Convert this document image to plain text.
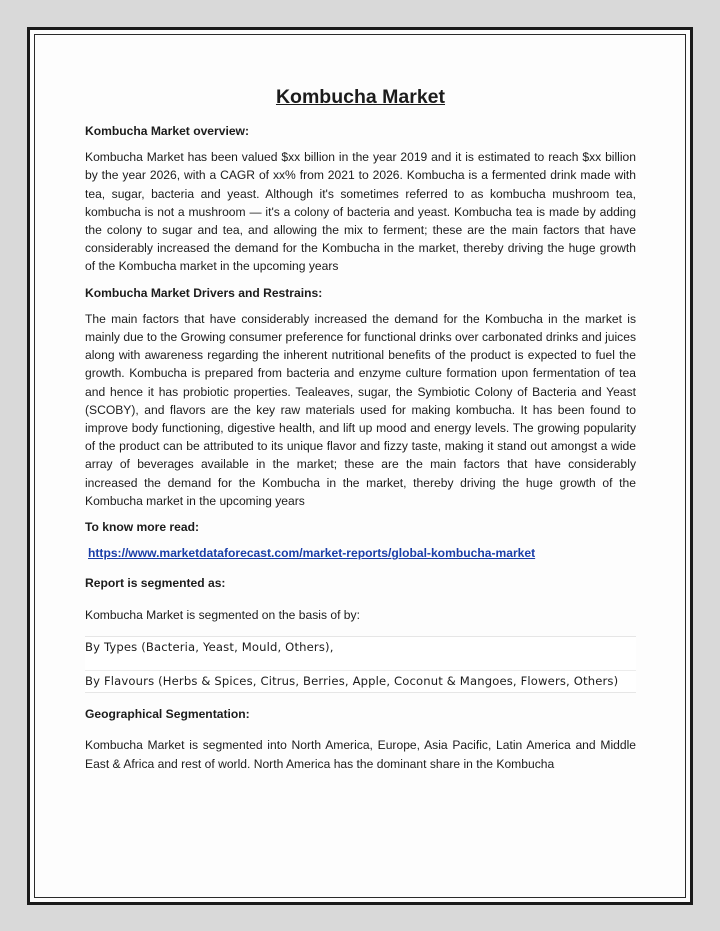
Kombucha Market
Kombucha Market overview:
Kombucha Market has been valued $xx billion in the year 2019 and it is estimated to reach $xx billion by the year 2026, with a CAGR of xx% from 2021 to 2026. Kombucha is a fermented drink made with tea, sugar, bacteria and yeast. Although it's sometimes referred to as kombucha mushroom tea, kombucha is not a mushroom — it's a colony of bacteria and yeast. Kombucha tea is made by adding the colony to sugar and tea, and allowing the mix to ferment; these are the main factors that have considerably increased the demand for the Kombucha in the market, thereby driving the huge growth of the Kombucha market in the upcoming years
Kombucha Market Drivers and Restrains:
The main factors that have considerably increased the demand for the Kombucha in the market is mainly due to the Growing consumer preference for functional drinks over carbonated drinks and juices along with awareness regarding the inherent nutritional benefits of the product is expected to fuel the growth. Kombucha is prepared from bacteria and enzyme culture formation upon fermentation of tea and hence it has probiotic properties. Tealeaves, sugar, the Symbiotic Colony of Bacteria and Yeast (SCOBY), and flavors are the key raw materials used for making kombucha. It has been found to improve body functioning, digestive health, and lift up mood and energy levels. The growing popularity of the product can be attributed to its unique flavor and fizzy taste, making it stand out amongst a wide array of beverages available in the market; these are the main factors that have considerably increased the demand for the Kombucha in the market, thereby driving the huge growth of the Kombucha market in the upcoming years
To know more read:
https://www.marketdataforecast.com/market-reports/global-kombucha-market
Report is segmented as:
Kombucha Market is segmented on the basis of by:
By Types (Bacteria, Yeast, Mould, Others),
By Flavours (Herbs & Spices, Citrus, Berries, Apple, Coconut & Mangoes, Flowers, Others)
Geographical Segmentation:
Kombucha Market is segmented into North America, Europe, Asia Pacific, Latin America and Middle East & Africa and rest of world. North America has the dominant share in the Kombucha
